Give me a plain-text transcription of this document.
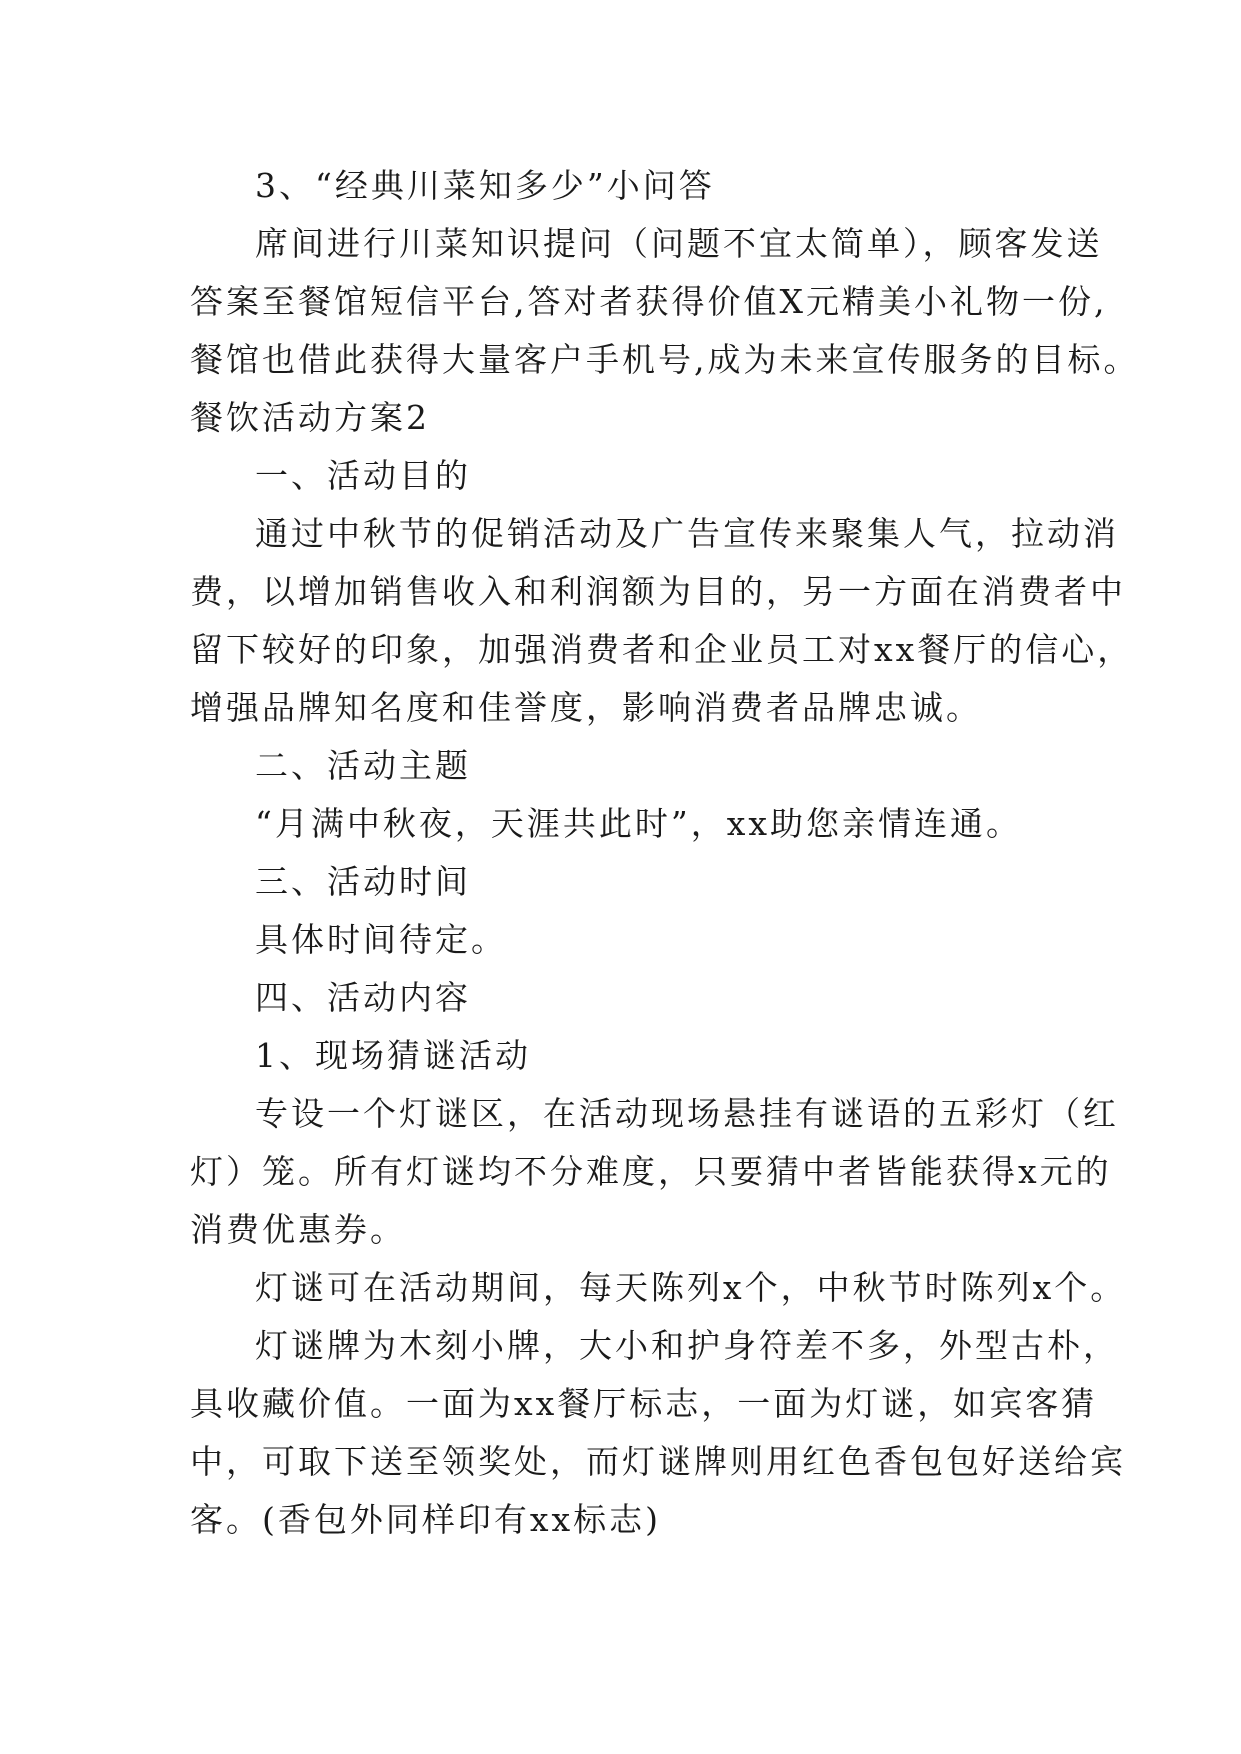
3、“经典川菜知多少”小问答
席间进行川菜知识提问（问题不宜太简单），顾客发送
答案至餐馆短信平台,答对者获得价值X元精美小礼物一份,
餐馆也借此获得大量客户手机号,成为未来宣传服务的目标。
餐饮活动方案2
一、活动目的
通过中秋节的促销活动及广告宣传来聚集人气，拉动消
费，以增加销售收入和利润额为目的，另一方面在消费者中
留下较好的印象，加强消费者和企业员工对xx餐厅的信心，
增强品牌知名度和佳誉度，影响消费者品牌忠诚。
二、活动主题
“月满中秋夜，天涯共此时”，xx助您亲情连通。
三、活动时间
具体时间待定。
四、活动内容
1、现场猜谜活动
专设一个灯谜区，在活动现场悬挂有谜语的五彩灯（红
灯）笼。所有灯谜均不分难度，只要猜中者皆能获得x元的
消费优惠券。
灯谜可在活动期间，每天陈列x个，中秋节时陈列x个。
灯谜牌为木刻小牌，大小和护身符差不多，外型古朴，
具收藏价值。一面为xx餐厅标志，一面为灯谜，如宾客猜
中，可取下送至领奖处，而灯谜牌则用红色香包包好送给宾
客。(香包外同样印有xx标志)
